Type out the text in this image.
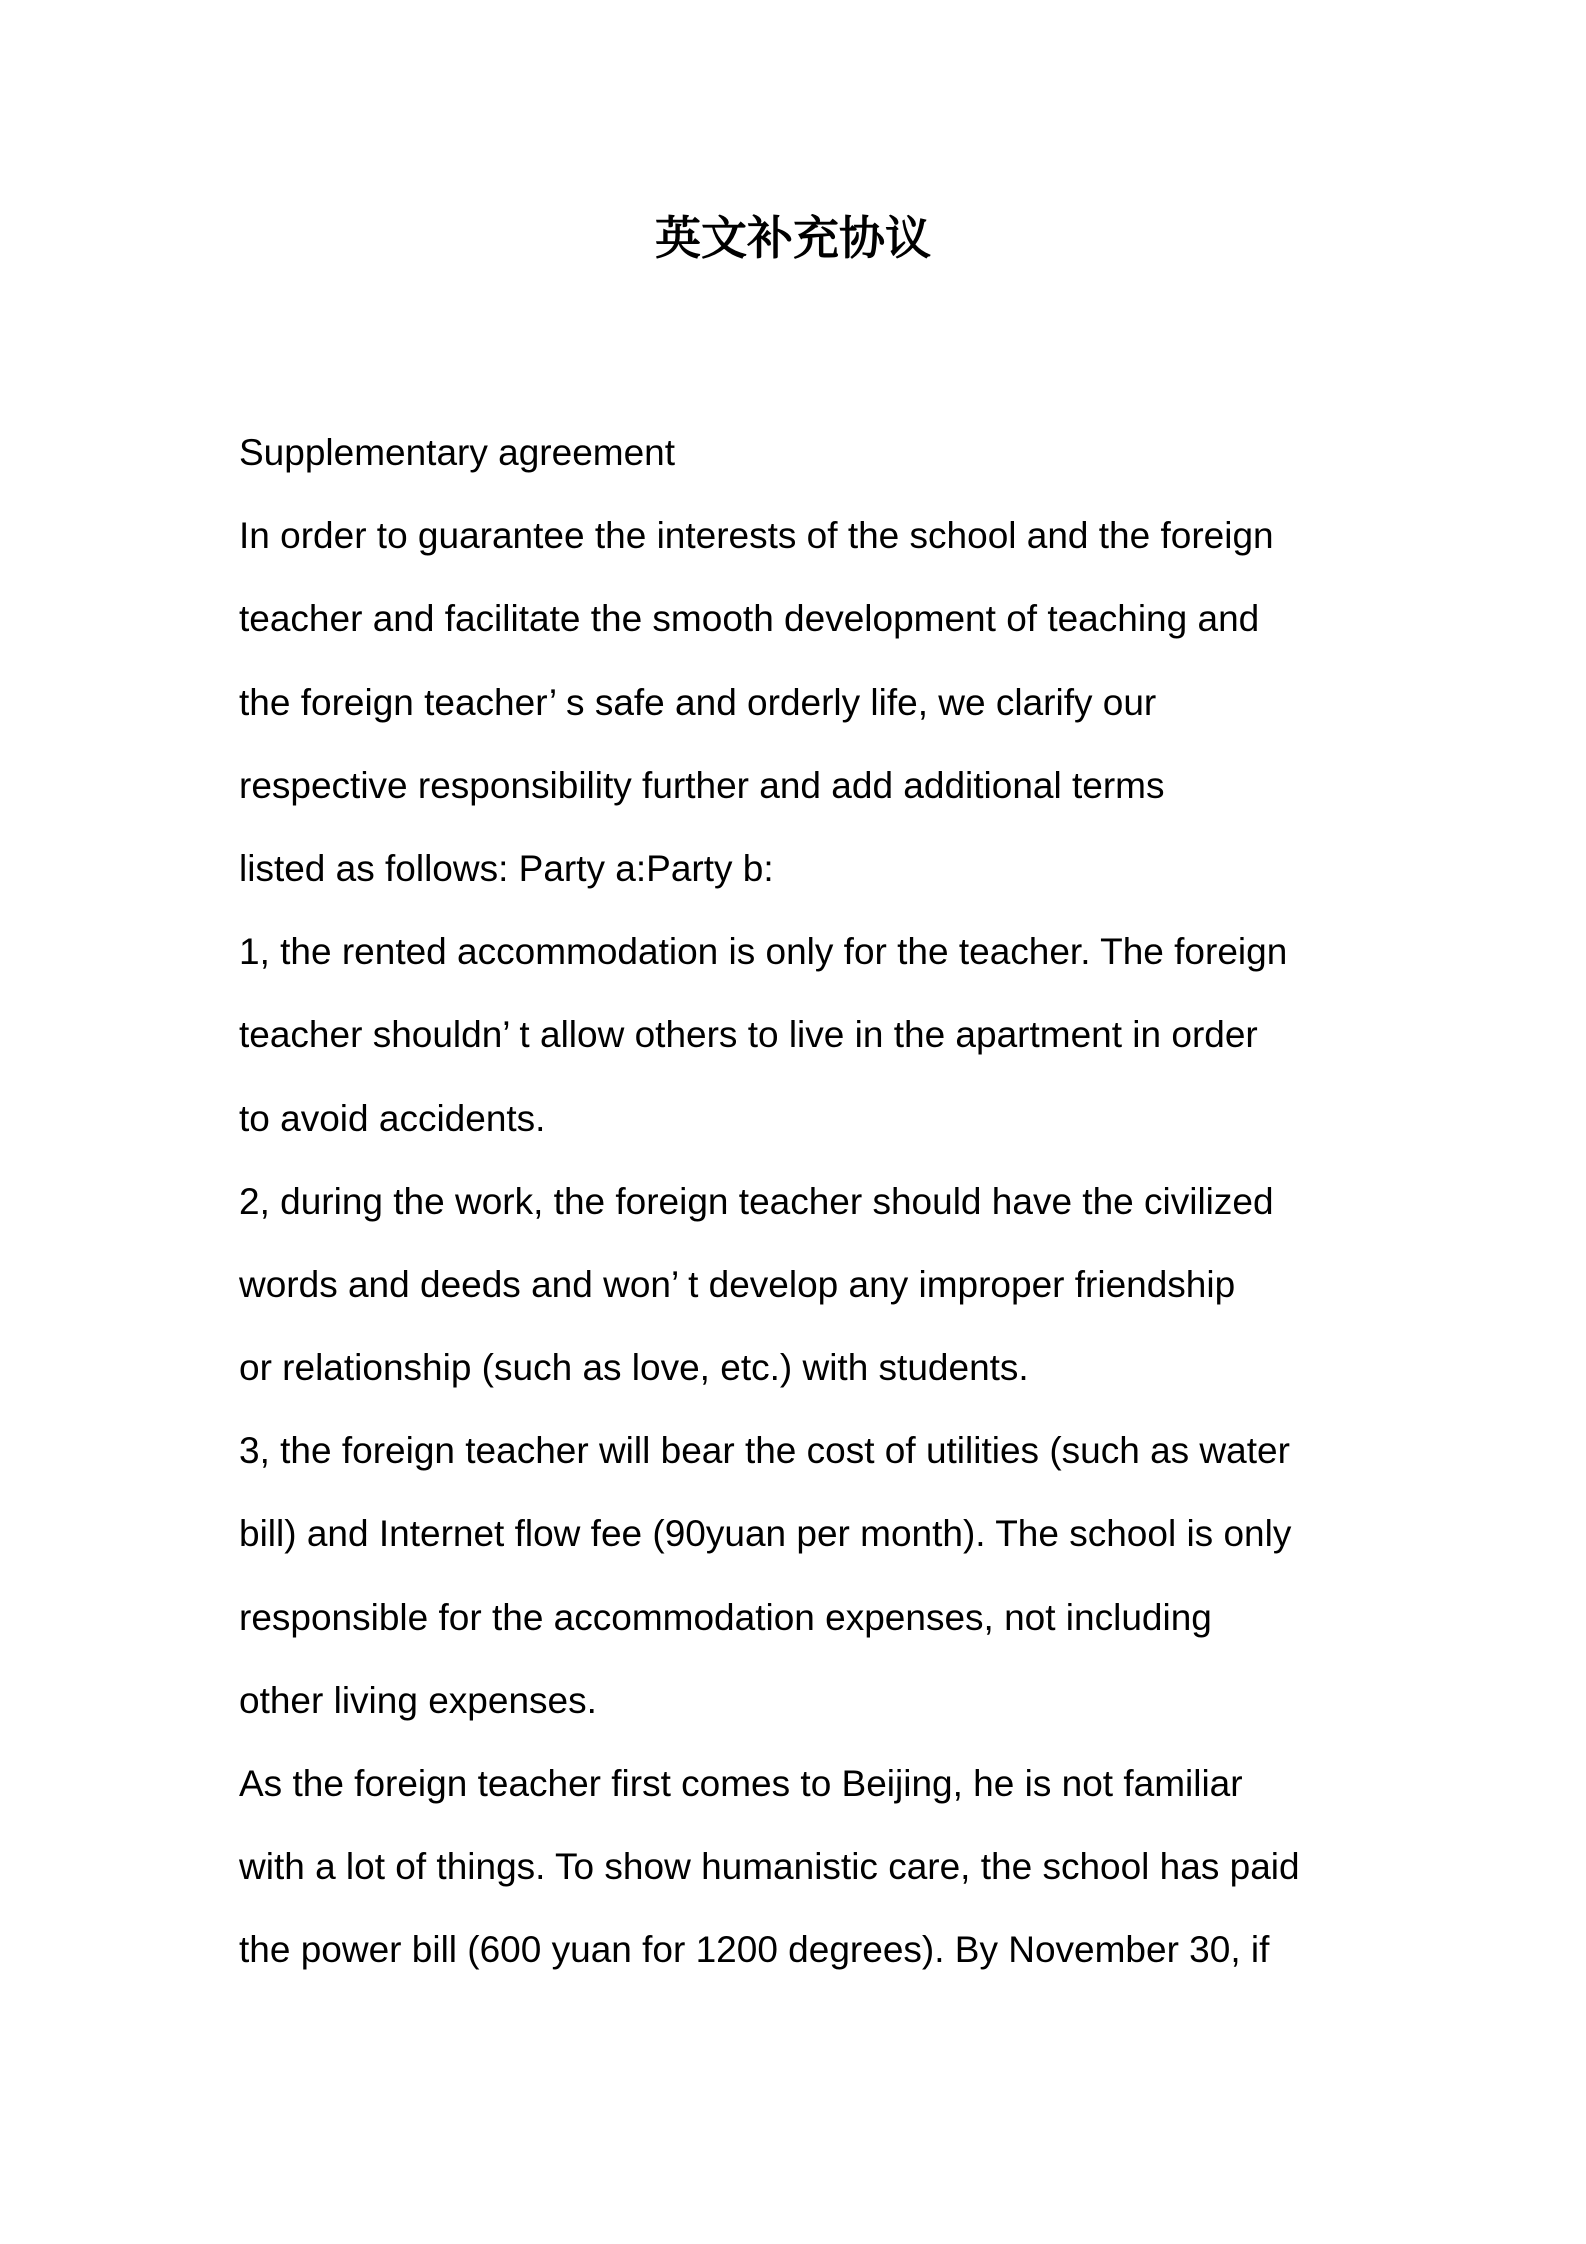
英文补充协议
Supplementary agreement
In order to guarantee the interests of the school and the foreign
teacher and facilitate the smooth development of teaching and
the foreign teacher’ s safe and orderly life, we clarify our
respective responsibility further and add additional terms
listed as follows: Party a:Party b:
1, the rented accommodation is only for the teacher. The foreign
teacher shouldn’ t allow others to live in the apartment in order
to avoid accidents.
2, during the work, the foreign teacher should have the civilized
words and deeds and won’ t develop any improper friendship
or relationship (such as love, etc.) with students.
3, the foreign teacher will bear the cost of utilities (such as water
bill) and Internet flow fee (90yuan per month). The school is only
responsible for the accommodation expenses, not including
other living expenses.
As the foreign teacher first comes to Beijing, he is not familiar
with a lot of things. To show humanistic care, the school has paid
the power bill (600 yuan for 1200 degrees). By November 30, if
